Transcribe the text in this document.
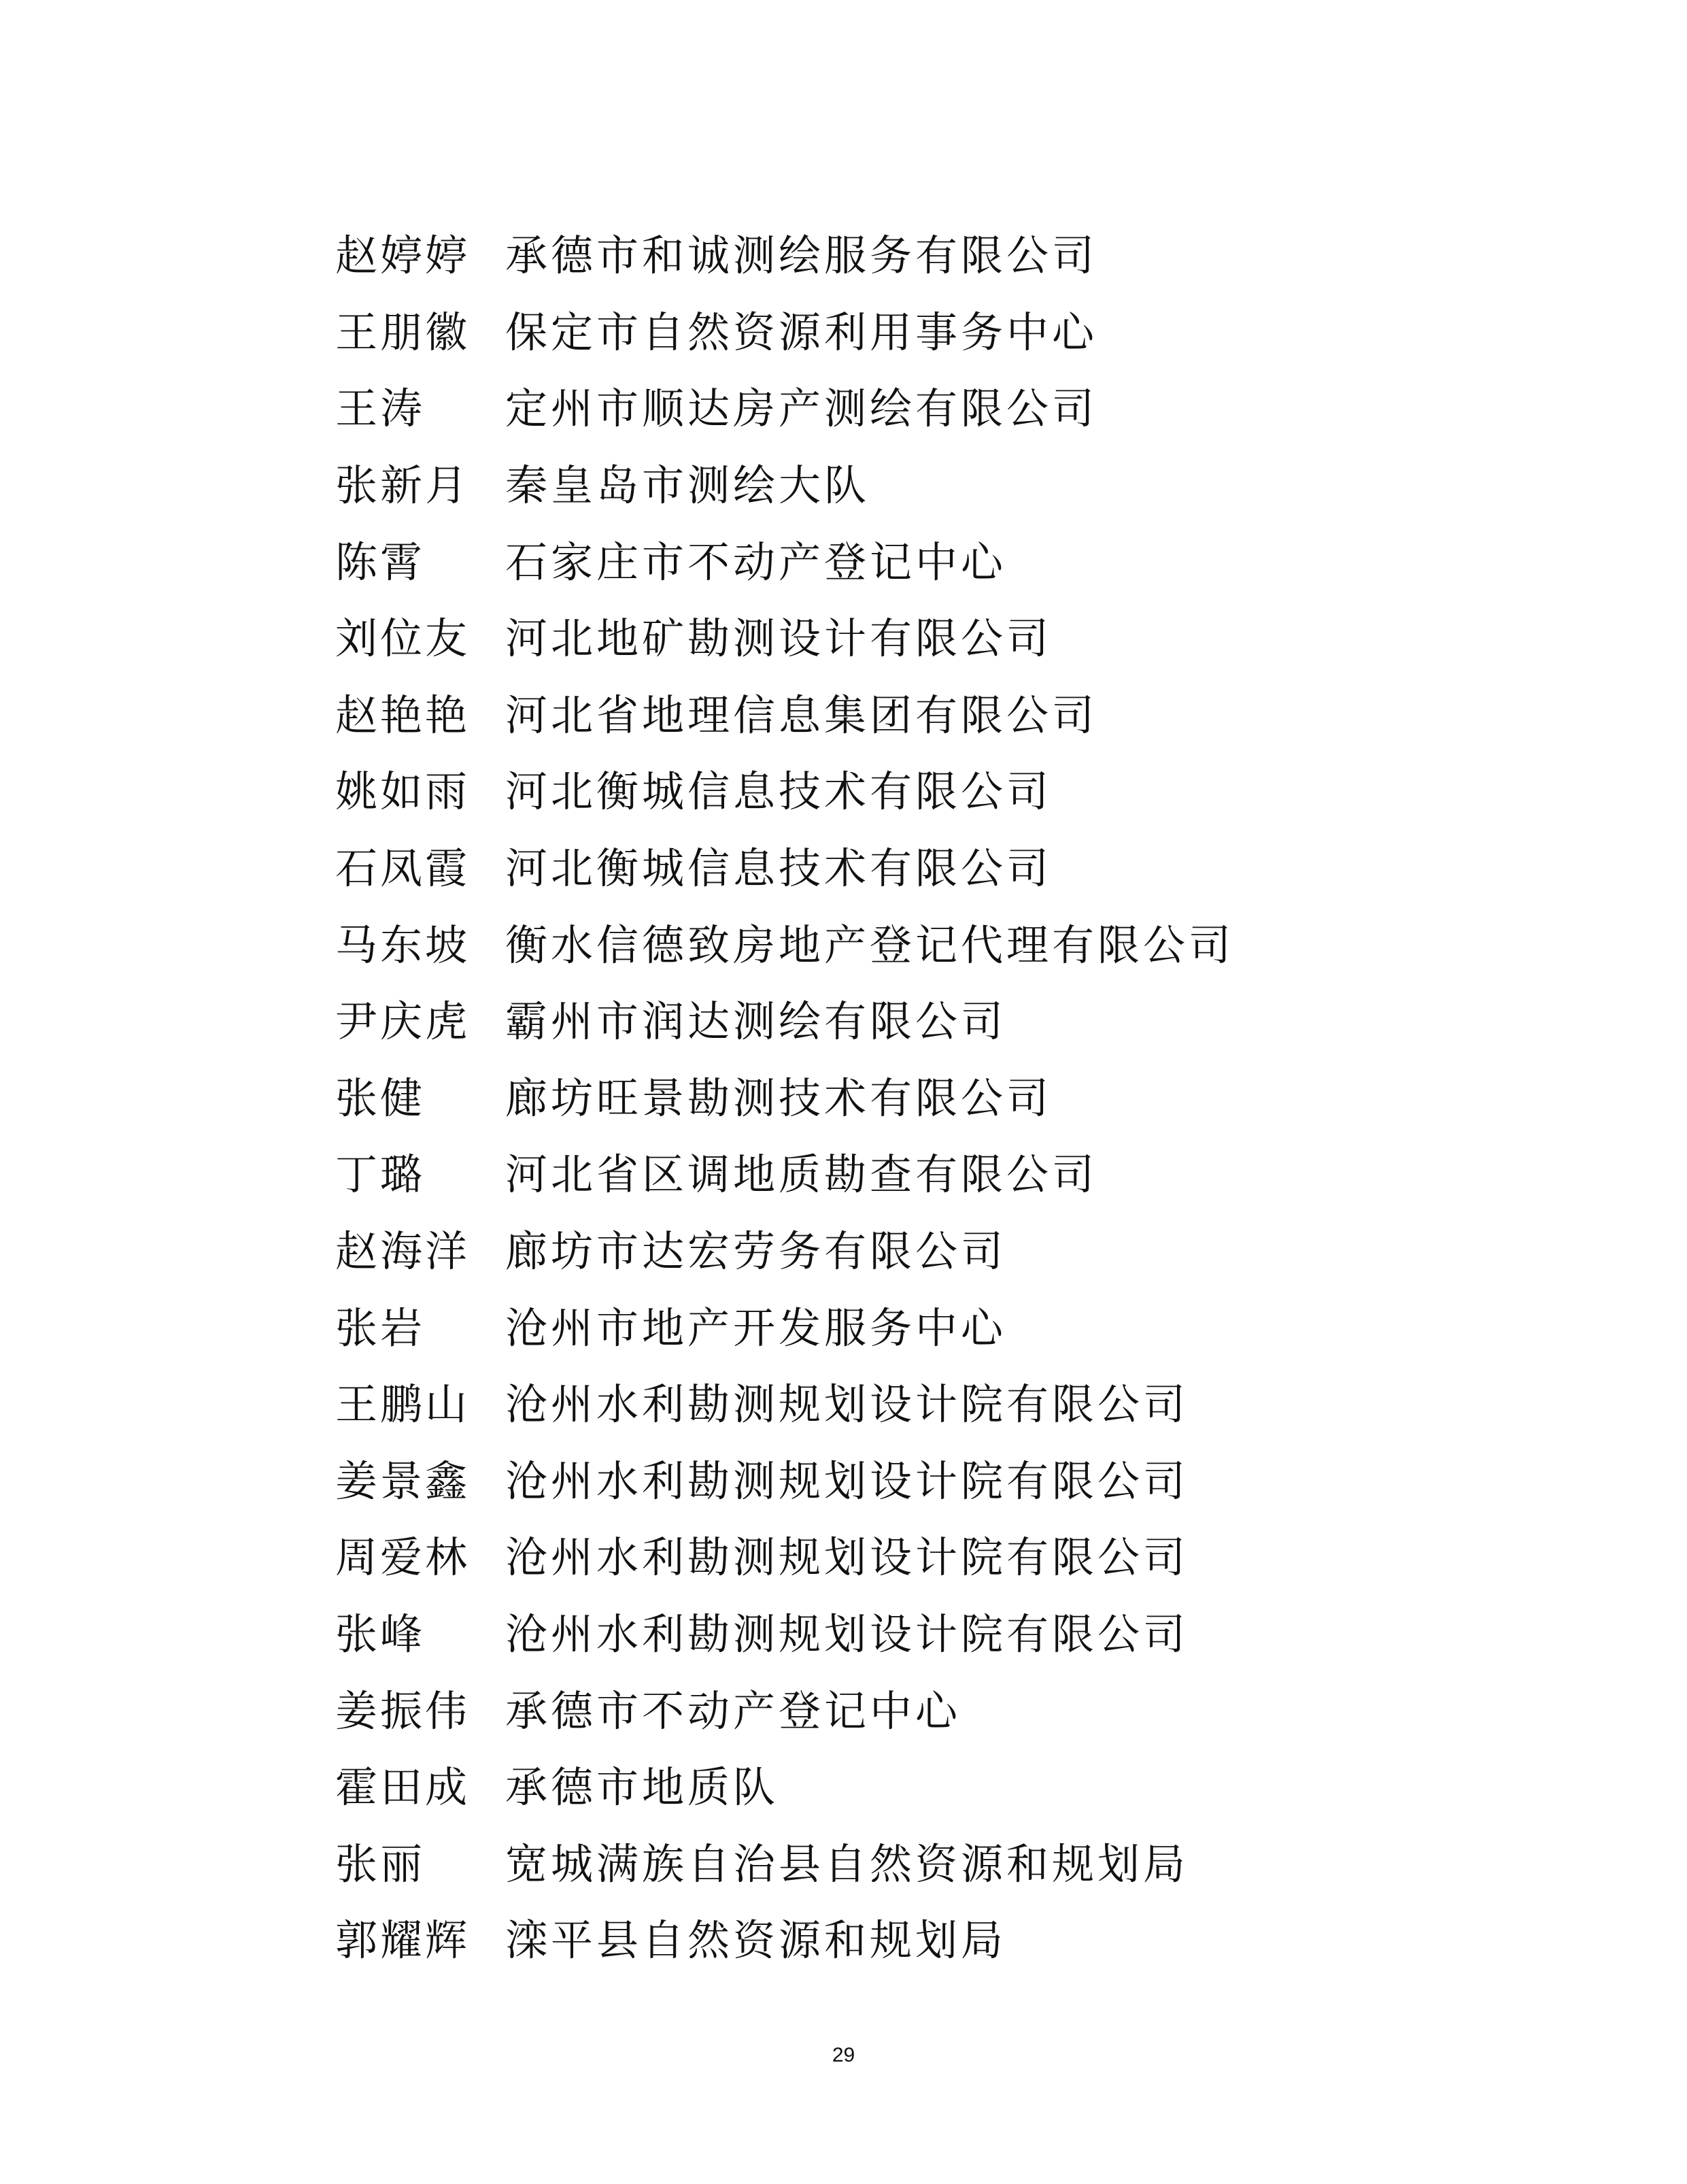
赵婷婷 承德市和诚测绘服务有限公司
王朋徽 保定市自然资源利用事务中心
王涛	定州市顺达房产测绘有限公司
张新月 秦皇岛市测绘大队
陈霄	石家庄市不动产登记中心
刘位友 河北地矿勘测设计有限公司
赵艳艳 河北省地理信息集团有限公司
姚如雨 河北衡城信息技术有限公司
石凤霞 河北衡城信息技术有限公司
马东坡 衡水信德致房地产登记代理有限公司
尹庆虎 霸州市润达测绘有限公司
张健	廊坊旺景勘测技术有限公司
丁璐	河北省区调地质勘查有限公司
赵海洋 廊坊市达宏劳务有限公司
张岩	沧州市地产开发服务中心
王鹏山 沧州水利勘测规划设计院有限公司
姜景鑫 沧州水利勘测规划设计院有限公司
周爱林 沧州水利勘测规划设计院有限公司
张峰	沧州水利勘测规划设计院有限公司
姜振伟 承德市不动产登记中心
霍田成 承德市地质队
张丽	宽城满族自治县自然资源和规划局
郭耀辉 滦平县自然资源和规划局
29
